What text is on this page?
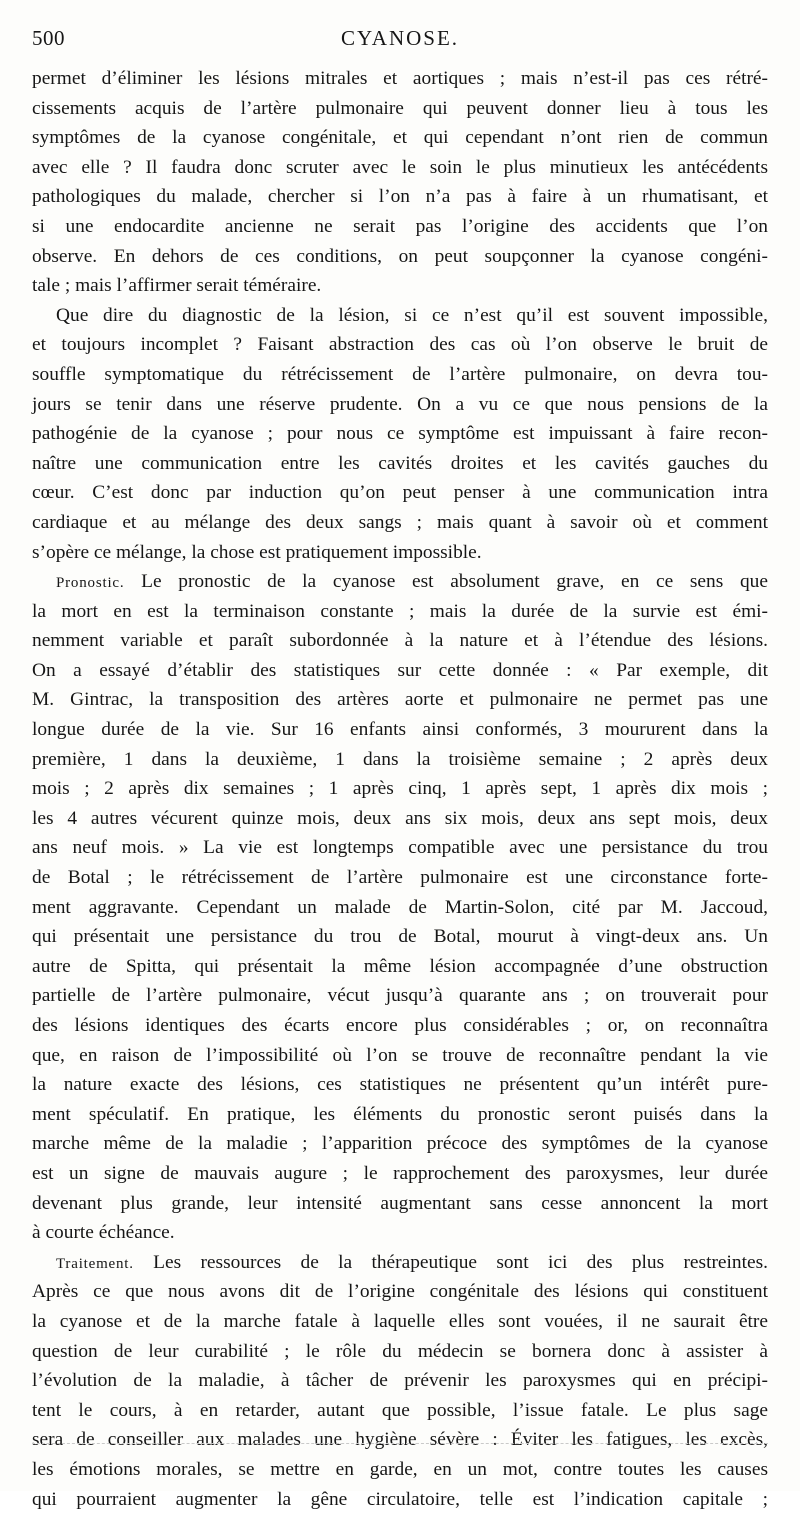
500	CYANOSE.
permet d’éliminer les lésions mitrales et aortiques ; mais n’est-il pas ces rétré-
cissements acquis de l’artère pulmonaire qui peuvent donner lieu à tous les
symptômes de la cyanose congénitale, et qui cependant n’ont rien de commun
avec elle ? Il faudra donc scruter avec le soin le plus minutieux les antécédents
pathologiques du malade, chercher si l’on n’a pas à faire à un rhumatisant, et
si une endocardite ancienne ne serait pas l’origine des accidents que l’on
observe. En dehors de ces conditions, on peut soupçonner la cyanose congéni-
tale ; mais l’affirmer serait téméraire.
Que dire du diagnostic de la lésion, si ce n’est qu’il est souvent impossible,
et toujours incomplet ? Faisant abstraction des cas où l’on observe le bruit de
souffle symptomatique du rétrécissement de l’artère pulmonaire, on devra tou-
jours se tenir dans une réserve prudente. On a vu ce que nous pensions de la
pathogénie de la cyanose ; pour nous ce symptôme est impuissant à faire recon-
naître une communication entre les cavités droites et les cavités gauches du
cœur. C’est donc par induction qu’on peut penser à une communication intra
cardiaque et au mélange des deux sangs ; mais quant à savoir où et comment
s’opère ce mélange, la chose est pratiquement impossible.
Pronostic. Le pronostic de la cyanose est absolument grave, en ce sens que
la mort en est la terminaison constante ; mais la durée de la survie est émi-
nemment variable et paraît subordonnée à la nature et à l’étendue des lésions.
On a essayé d’établir des statistiques sur cette donnée : « Par exemple, dit
M. Gintrac, la transposition des artères aorte et pulmonaire ne permet pas une
longue durée de la vie. Sur 16 enfants ainsi conformés, 3 moururent dans la
première, 1 dans la deuxième, 1 dans la troisième semaine ; 2 après deux
mois ; 2 après dix semaines ; 1 après cinq, 1 après sept, 1 après dix mois ;
les 4 autres vécurent quinze mois, deux ans six mois, deux ans sept mois, deux
ans neuf mois. » La vie est longtemps compatible avec une persistance du trou
de Botal ; le rétrécissement de l’artère pulmonaire est une circonstance forte-
ment aggravante. Cependant un malade de Martin-Solon, cité par M. Jaccoud,
qui présentait une persistance du trou de Botal, mourut à vingt-deux ans. Un
autre de Spitta, qui présentait la même lésion accompagnée d’une obstruction
partielle de l’artère pulmonaire, vécut jusqu’à quarante ans ; on trouverait pour
des lésions identiques des écarts encore plus considérables ; or, on reconnaîtra
que, en raison de l’impossibilité où l’on se trouve de reconnaître pendant la vie
la nature exacte des lésions, ces statistiques ne présentent qu’un intérêt pure-
ment spéculatif. En pratique, les éléments du pronostic seront puisés dans la
marche même de la maladie ; l’apparition précoce des symptômes de la cyanose
est un signe de mauvais augure ; le rapprochement des paroxysmes, leur durée
devenant plus grande, leur intensité augmentant sans cesse annoncent la mort
à courte échéance.
Traitement. Les ressources de la thérapeutique sont ici des plus restreintes.
Après ce que nous avons dit de l’origine congénitale des lésions qui constituent
la cyanose et de la marche fatale à laquelle elles sont vouées, il ne saurait être
question de leur curabilité ; le rôle du médecin se bornera donc à assister à
l’évolution de la maladie, à tâcher de prévenir les paroxysmes qui en précipi-
tent le cours, à en retarder, autant que possible, l’issue fatale. Le plus sage
sera de conseiller aux malades une hygiène sévère : Éviter les fatigues, les excès,
les émotions morales, se mettre en garde, en un mot, contre toutes les causes
qui pourraient augmenter la gêne circulatoire, telle est l’indication capitale ;
